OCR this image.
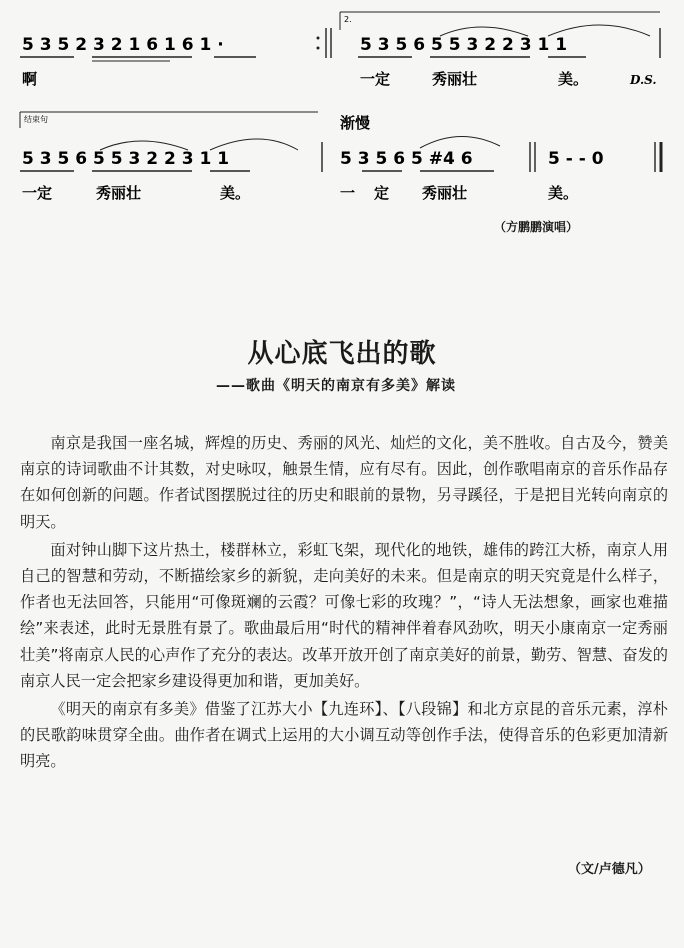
5 3 5 2 3 2 1 6 1 6 1 ·
2.
5 3 5 6 5 5 3 2 2 3 1 1
啊	一定	秀丽壮	美。	D.S.
结束句
5 3 5 6 5 5 3 2 2 3 1 1
渐慢
5 3 5 6 5 #4 6	5 - - 0
一定	秀丽壮	美。	一 定 秀丽壮	美。
（方鹏鹏演唱）
从心底飞出的歌
——歌曲《明天的南京有多美》解读

南京是我国一座名城，辉煌的历史、秀丽的风光、灿烂的文化，美不胜收。自古及今，赞美南京的诗词歌曲不计其数，对史咏叹，触景生情，应有尽有。因此，创作歌唱南京的音乐作品存在如何创新的问题。作者试图摆脱过往的历史和眼前的景物，另寻蹊径，于是把目光转向南京的明天。

面对钟山脚下这片热土，楼群林立，彩虹飞架，现代化的地铁，雄伟的跨江大桥，南京人用自己的智慧和劳动，不断描绘家乡的新貌，走向美好的未来。但是南京的明天究竟是什么样子，作者也无法回答，只能用“可像斑斓的云霞？可像七彩的玫瑰？”，“诗人无法想象，画家也难描绘”来表述，此时无景胜有景了。歌曲最后用“时代的精神伴着春风劲吹，明天小康南京一定秀丽壮美”将南京人民的心声作了充分的表达。改革开放开创了南京美好的前景，勤劳、智慧、奋发的南京人民一定会把家乡建设得更加和谐，更加美好。

《明天的南京有多美》借鉴了江苏大小【九连环】、【八段锦】和北方京昆的音乐元素，淳朴的民歌韵味贯穿全曲。曲作者在调式上运用的大小调互动等创作手法，使得音乐的色彩更加清新明亮。

（文/卢德凡）
